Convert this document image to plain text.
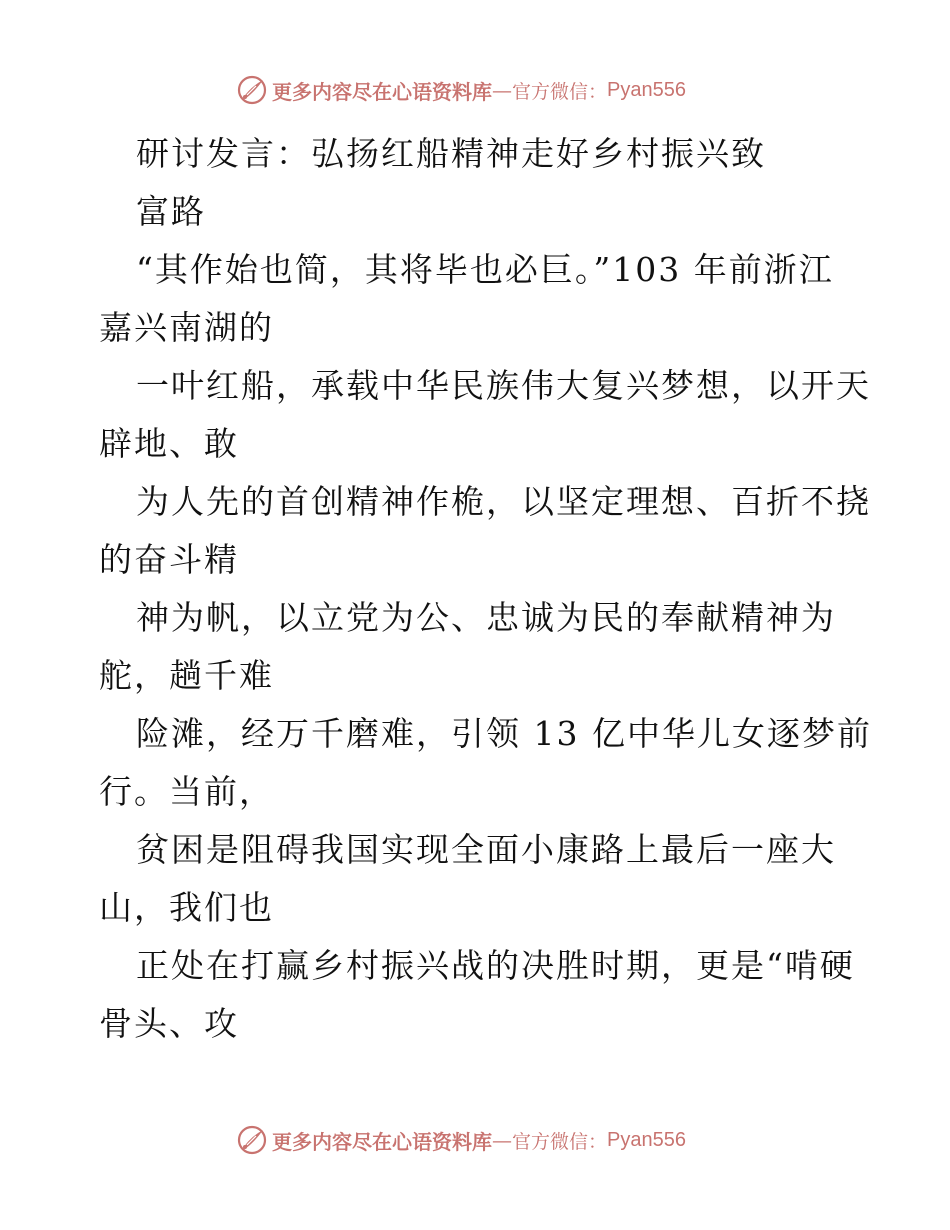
更多内容尽在心语资料库 — 官方微信： Pyan556
研讨发言：弘扬红船精神走好乡村振兴致
富路
“其作始也简，其将毕也必巨。”103 年前浙江
嘉兴南湖的
一叶红船，承载中华民族伟大复兴梦想，以开天
辟地、敢
为人先的首创精神作桅，以坚定理想、百折不挠
的奋斗精
神为帆，以立党为公、忠诚为民的奉献精神为
舵，趟千难
险滩，经万千磨难，引领 13 亿中华儿女逐梦前
行。当前，
贫困是阻碍我国实现全面小康路上最后一座大
山，我们也
正处在打赢乡村振兴战的决胜时期，更是“啃硬
骨头、攻
更多内容尽在心语资料库 — 官方微信： Pyan556
